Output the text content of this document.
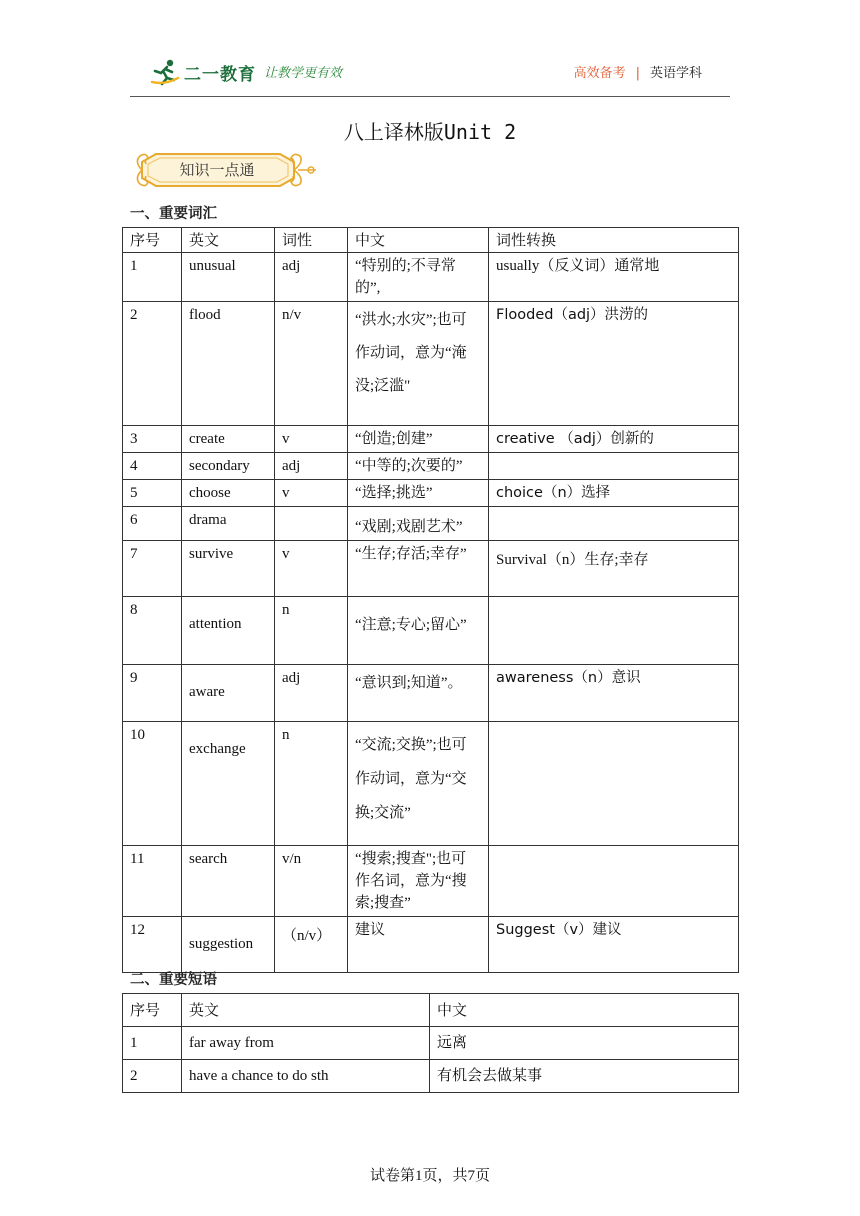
二一教育 让教学更有效	高效备考 | 英语学科
八上译林版Unit 2
知识一点通
一、重要词汇
序号	英文	词性	中文	词性转换
1	unusual	adj	“特别的;不寻常的”,	usually（反义词）通常地
2	flood	n/v	“洪水;水灾”;也可作动词，意为“淹没;泛滥"	Flooded（adj）洪涝的
3	create	v	“创造;创建”	creative （adj）创新的
4	secondary	adj	“中等的;次要的”	
5	choose	v	“选择;挑选”	choice（n）选择
6	drama		“戏剧;戏剧艺术”	
7	survive	v	“生存;存活;幸存”	Survival（n）生存;幸存
8	attention	n	“注意;专心;留心”	
9	aware	adj	“意识到;知道”。	awareness（n）意识
10	exchange	n	“交流;交换”;也可作动词，意为“交换;交流”	
11	search	v/n	“搜索;搜查";也可作名词，意为“搜索;搜查”	
12	suggestion	（n/v）	建议	Suggest（v）建议
二、重要短语
序号	英文	中文
1	far away from	远离
2	have a chance to do sth	有机会去做某事
试卷第1页，共7页
